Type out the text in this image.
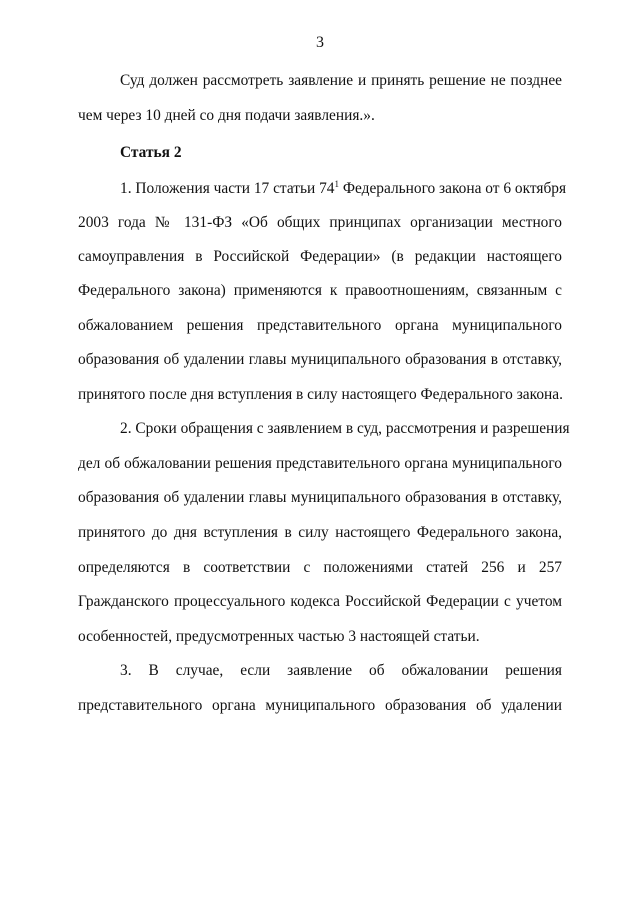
3
Суд должен рассмотреть заявление и принять решение не позднее
чем через 10 дней со дня подачи заявления.».
Статья 2
1. Положения части 17 статьи $74^1$ Федерального закона от 6 октября
2003 года № 131-ФЗ «Об общих принципах организации местного
самоуправления в Российской Федерации» (в редакции настоящего
Федерального закона) применяются к правоотношениям, связанным с
обжалованием решения представительного органа муниципального
образования об удалении главы муниципального образования в отставку,
принятого после дня вступления в силу настоящего Федерального закона.
2. Сроки обращения с заявлением в суд, рассмотрения и разрешения
дел об обжаловании решения представительного органа муниципального
образования об удалении главы муниципального образования в отставку,
принятого до дня вступления в силу настоящего Федерального закона,
определяются в соответствии с положениями статей 256 и 257
Гражданского процессуального кодекса Российской Федерации с учетом
особенностей, предусмотренных частью 3 настоящей статьи.
3. В случае, если заявление об обжаловании решения
представительного органа муниципального образования об удалении
